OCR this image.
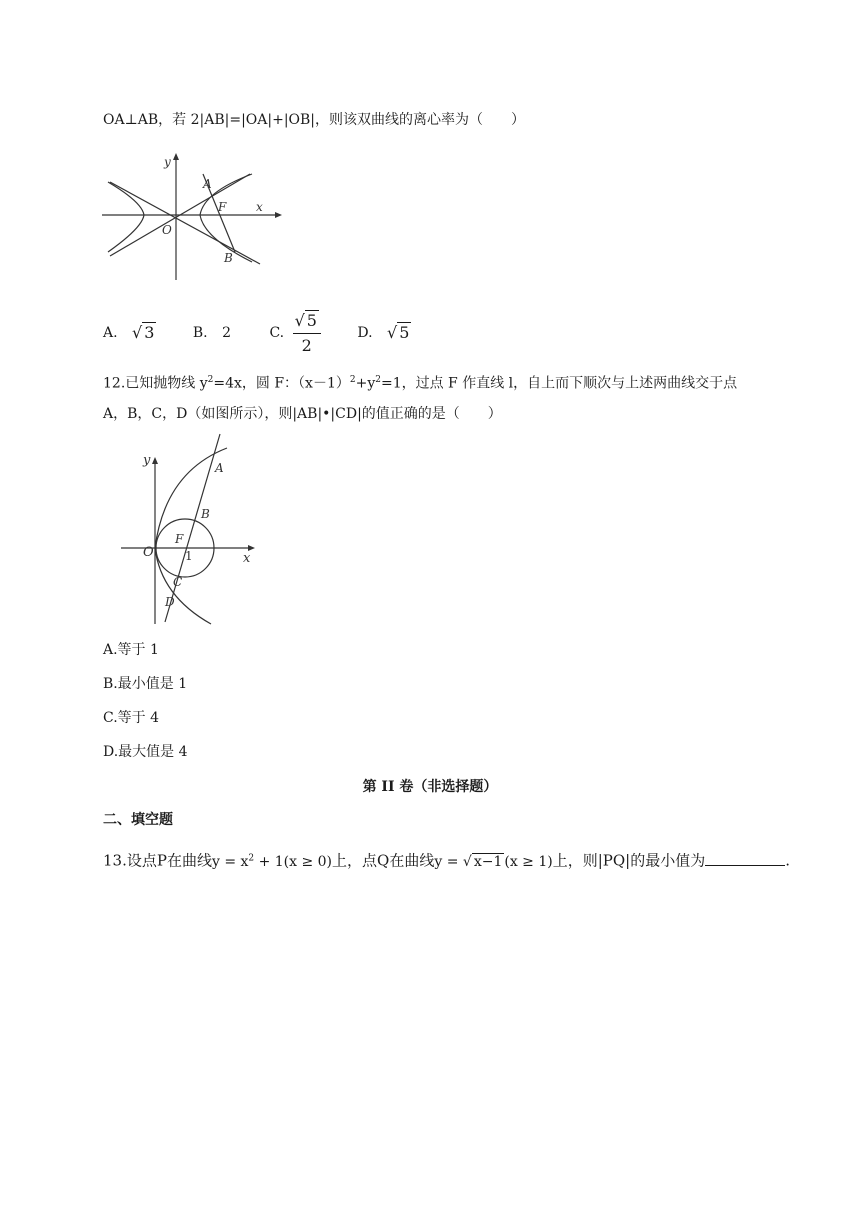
OA⊥AB，若 2|AB|=|OA|+|OB|，则该双曲线的离心率为（　　）
y
x
O
A
F
B
A. √ 3	B. 2	C. $\frac{√ 5}{2}$	D. √ 5
12.已知抛物线 $y^2=4x$，圆 F：$(x-1)^2+y^2=1$，过点 F 作直线 l，自上而下顺次与上述两曲线交于点
A，B，C，D（如图所示），则|AB|•|CD|的值正确的是（　　）
y
x
O
F
1
A
B
C
D
A.等于 1
B.最小值是 1
C.等于 4
D.最大值是 4
第 II 卷（非选择题）
二、填空题
13.设点P在曲线$y = x^2 + 1(x \ge 0)$上，点Q在曲线y = √ x−1 (x ≥ 1)上，则|PQ|的最小值为	.
